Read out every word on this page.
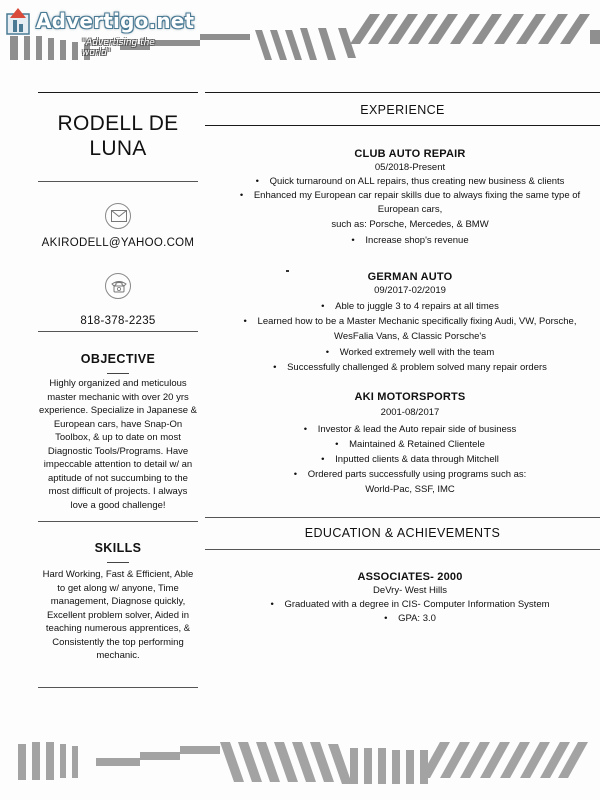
Advertigo.net
"Advertising the world"
RODELL DE
LUNA
AKIRODELL@YAHOO.COM
818-378-2235
OBJECTIVE
Highly organized and meticulous
master mechanic with over 20 yrs
experience. Specialize in Japanese &
European cars, have Snap-On
Toolbox, & up to date on most
Diagnostic Tools/Programs. Have
impeccable attention to detail w/ an
aptitude of not succumbing to the
most difficult of projects. I always
love a good challenge!
SKILLS
Hard Working, Fast & Efficient, Able
to get along w/ anyone, Time
management, Diagnose quickly,
Excellent problem solver, Aided in
teaching numerous apprentices, &
Consistently the top performing
mechanic.
EXPERIENCE
CLUB AUTO REPAIR
05/2018-Present
• Quick turnaround on ALL repairs, thus creating new business & clients
• Enhanced my European car repair skills due to always fixing the same type of
European cars,
such as: Porsche, Mercedes, & BMW
• Increase shop's revenue
GERMAN AUTO
09/2017-02/2019
• Able to juggle 3 to 4 repairs at all times
• Learned how to be a Master Mechanic specifically fixing Audi, VW, Porsche,
WesFalia Vans, & Classic Porsche's
• Worked extremely well with the team
• Successfully challenged & problem solved many repair orders
AKI MOTORSPORTS
2001-08/2017
• Investor & lead the Auto repair side of business
• Maintained & Retained Clientele
• Inputted clients & data through Mitchell
• Ordered parts successfully using programs such as:
World-Pac, SSF, IMC
EDUCATION & ACHIEVEMENTS
ASSOCIATES- 2000
DeVry- West Hills
• Graduated with a degree in CIS- Computer Information System
• GPA: 3.0
